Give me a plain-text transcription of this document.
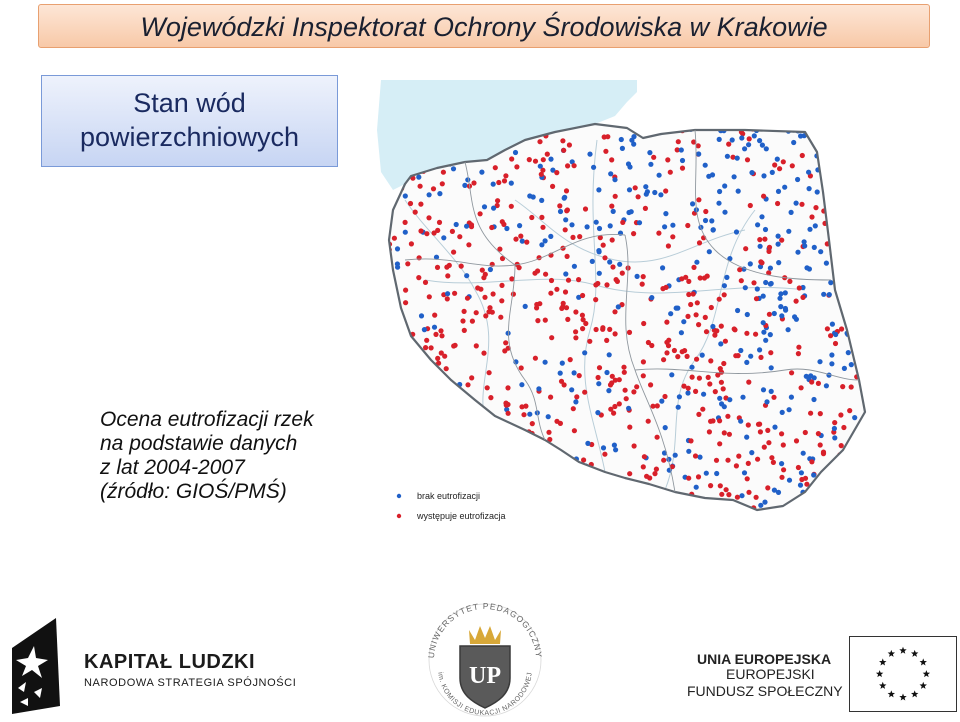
Wojewódzki Inspektorat Ochrony Środowiska w Krakowie
Stan wód
powierzchniowych
Ocena eutrofizacji rzek
na podstawie danych
z lat 2004-2007
(źródło: GIOŚ/PMŚ)	brak eutrofizacji
występuje eutrofizacja
KAPITAŁ LUDZKI
NARODOWA STRATEGIA SPÓJNOŚCI
UNIWERSYTET PEDAGOGICZNY
im. KOMISJI EDUKACJI NARODOWEJ
UP
UNIA EUROPEJSKA
EUROPEJSKI
FUNDUSZ SPOŁECZNY
